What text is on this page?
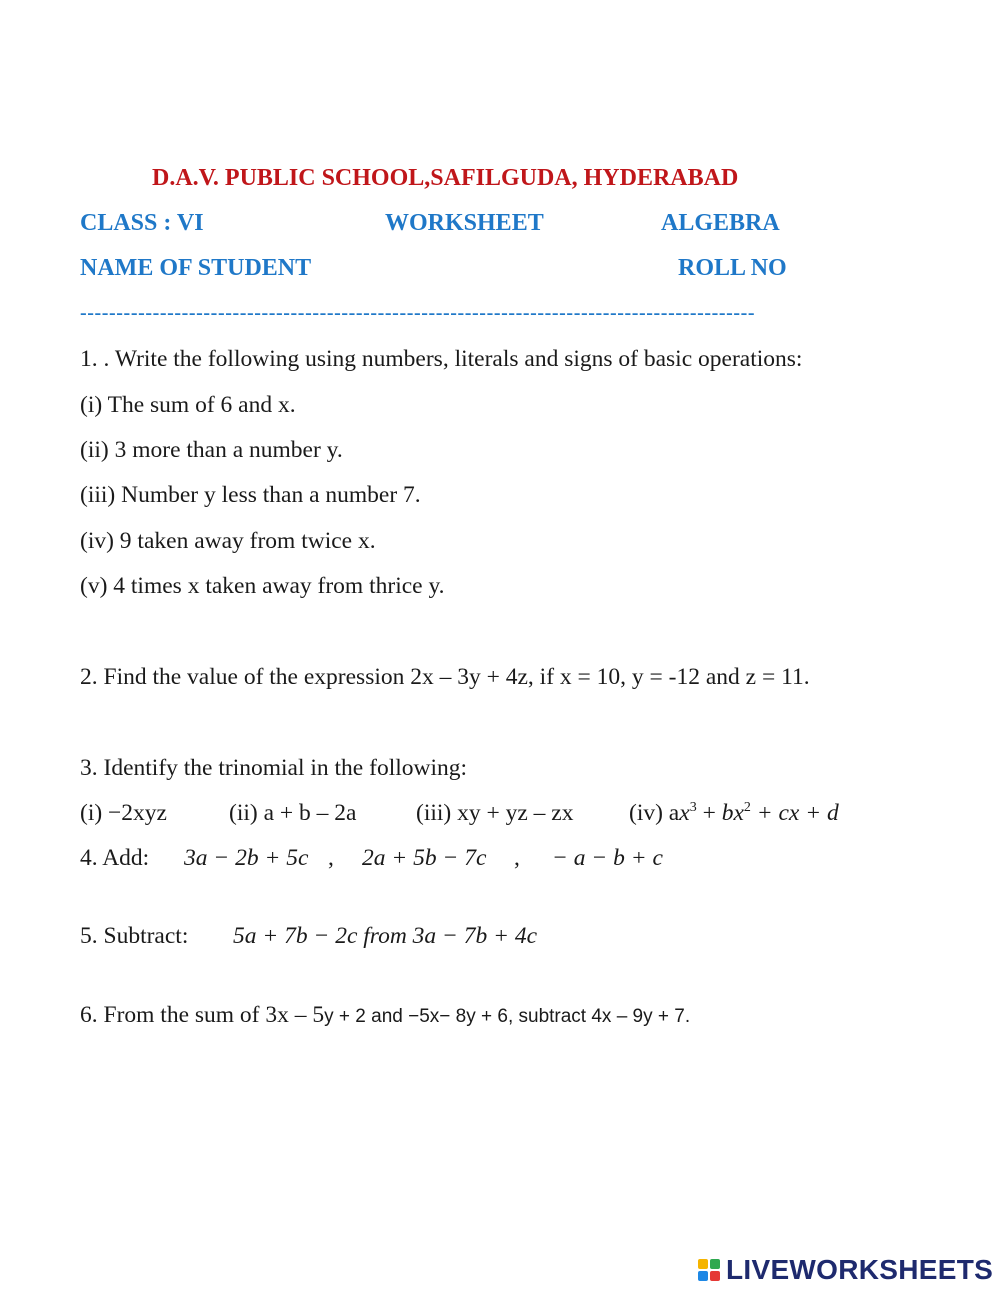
D.A.V. PUBLIC SCHOOL,SAFILGUDA, HYDERABAD
CLASS : VI	WORKSHEET	ALGEBRA
NAME OF STUDENT	ROLL NO
---------------------------------------------------------------------------------------------
1. . Write the following using numbers, literals and signs of basic operations:
(i) The sum of 6 and x.
(ii) 3 more than a number y.
(iii) Number y less than a number 7.
(iv) 9 taken away from twice x.
(v) 4 times x taken away from thrice y.
2. Find the value of the expression 2x – 3y + 4z, if x = 10, y = -12 and z = 11.
3. Identify the trinomial in the following:
(i) −2xyz	(ii) a + b – 2a	(iii) xy + yz – zx (iv) $ax^3 + bx^2$ + cx + d
4. Add: 3a − 2b + 5c , 2a + 5b − 7c , − a − b + c
5. Subtract: 5a + 7b − 2c from 3a − 7b + 4c
6. From the sum of 3x – 5y + 2 and −5x− 8y + 6, subtract 4x – 9y + 7.
LIVEWORKSHEETS
